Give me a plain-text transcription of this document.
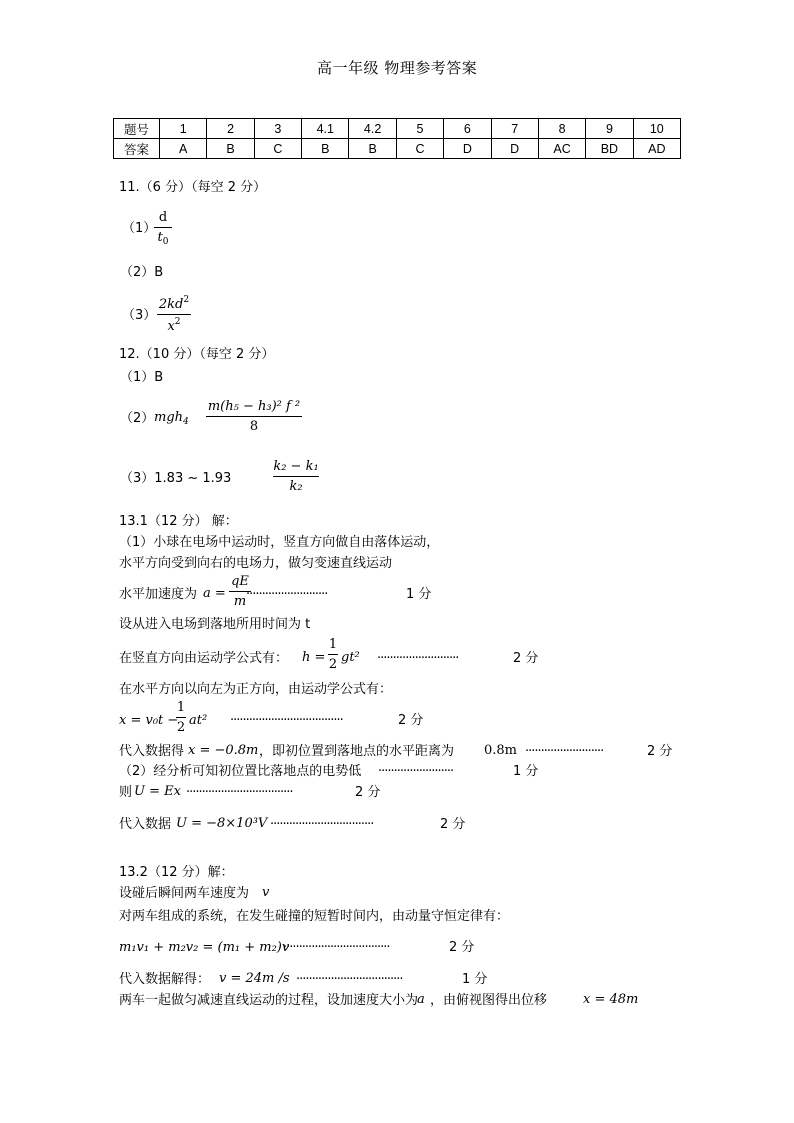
高一年级 物理参考答案
题号	1	2	3	4.1	4.2	5	6	7	8	9	10
答案	A	B	C	B	B	C	D	D	AC	BD	AD
11.（6 分）（每空 2 分）
（1）
d
$t_0$
（2）B
（3）
$2kd^2$
$x^2$
12.（10 分）（每空 2 分）
（1）B
（2） mgh$_4$
m(h₅ − h₃)² f ²
8
（3）1.83 ~ 1.93
k₂ − k₁
k₂
13.1（12 分） 解：
（1）小球在电场中运动时，竖直方向做自由落体运动，
水平方向受到向右的电场力，做匀变速直线运动
水平加速度为 a =
qE
m ··························	1 分
设从进入电场到落地所用时间为 t
在竖直方向由运动学公式有： h =
1
2 gt² ··························	2 分
在水平方向以向左为正方向，由运动学公式有：
x = v₀t −
1
2 at² ····································	2 分
代入数据得 x = −0.8m ，即初位置到落地点的水平距离为 0.8m ·························	2 分
（2）经分析可知初位置比落地点的电势低 ························	1 分
则 U = Ex ··································	2 分
代入数据 U = −8×10³V ·································	2 分
13.2（12 分）解：
设碰后瞬间两车速度为 v
对两车组成的系统，在发生碰撞的短暂时间内，由动量守恒定律有：
m₁v₁ + m₂v₂ = (m₁ + m₂)v
··································	2 分
代入数据解得： v = 24m /s ··································	1 分
两车一起做匀减速直线运动的过程，设加速度大小为
a ，由俯视图得出位移	x = 48m
